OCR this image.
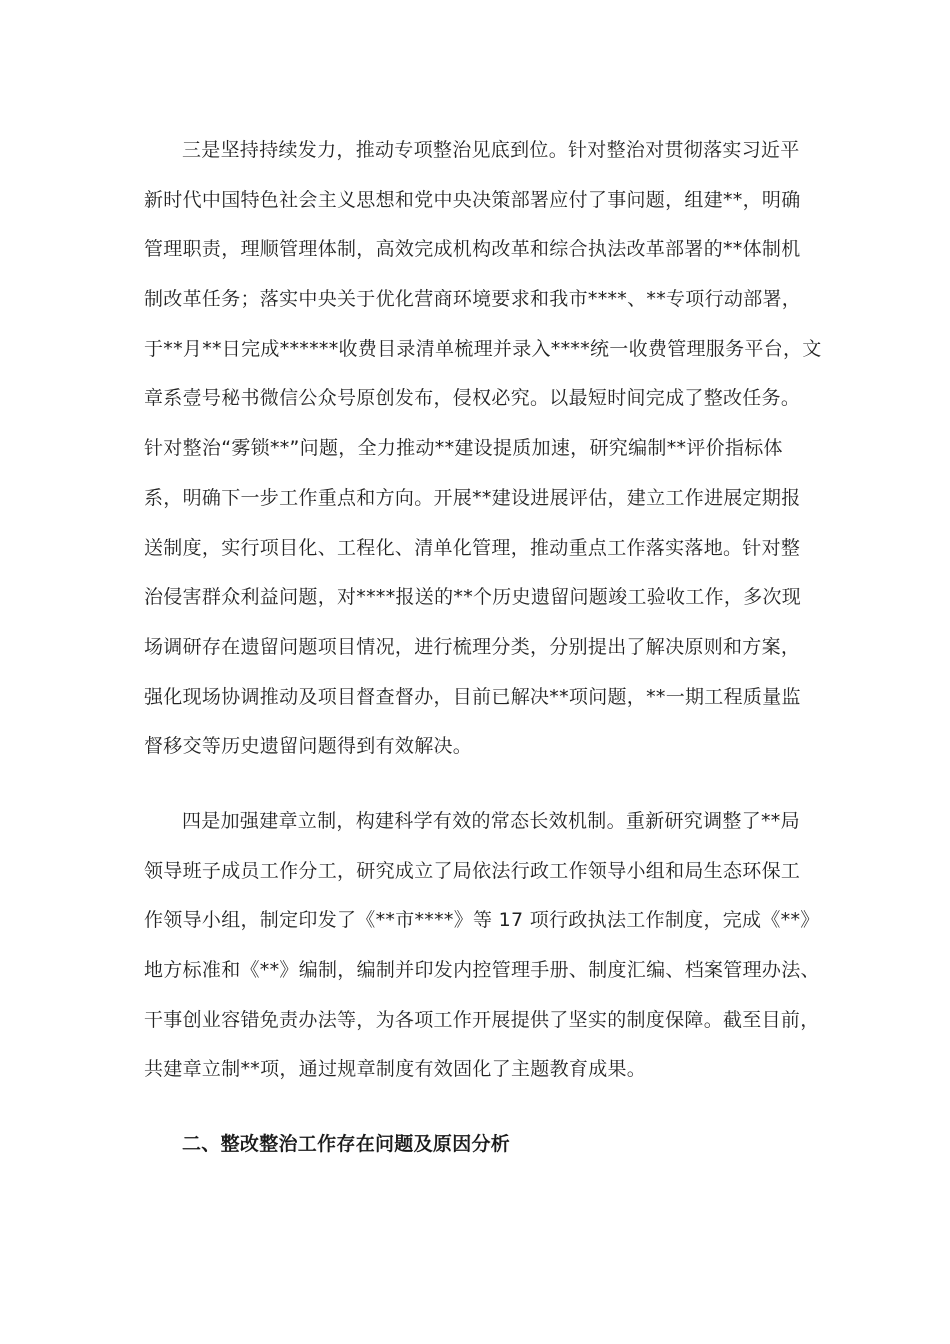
三是坚持持续发力，推动专项整治见底到位。针对整治对贯彻落实习近平
新时代中国特色社会主义思想和党中央决策部署应付了事问题，组建**，明确
管理职责，理顺管理体制，高效完成机构改革和综合执法改革部署的**体制机
制改革任务；落实中央关于优化营商环境要求和我市****、**专项行动部署，
于**月**日完成******收费目录清单梳理并录入****统一收费管理服务平台，文
章系壹号秘书微信公众号原创发布，侵权必究。以最短时间完成了整改任务。
针对整治“雾锁**”问题，全力推动**建设提质加速，研究编制**评价指标体
系，明确下一步工作重点和方向。开展**建设进展评估，建立工作进展定期报
送制度，实行项目化、工程化、清单化管理，推动重点工作落实落地。针对整
治侵害群众利益问题，对****报送的**个历史遗留问题竣工验收工作，多次现
场调研存在遗留问题项目情况，进行梳理分类，分别提出了解决原则和方案，
强化现场协调推动及项目督查督办，目前已解决**项问题，**一期工程质量监
督移交等历史遗留问题得到有效解决。
四是加强建章立制，构建科学有效的常态长效机制。重新研究调整了**局
领导班子成员工作分工，研究成立了局依法行政工作领导小组和局生态环保工
作领导小组，制定印发了《**市****》等 17 项行政执法工作制度，完成《**》
地方标准和《**》编制，编制并印发内控管理手册、制度汇编、档案管理办法、
干事创业容错免责办法等，为各项工作开展提供了坚实的制度保障。截至目前，
共建章立制**项，通过规章制度有效固化了主题教育成果。
二、整改整治工作存在问题及原因分析
